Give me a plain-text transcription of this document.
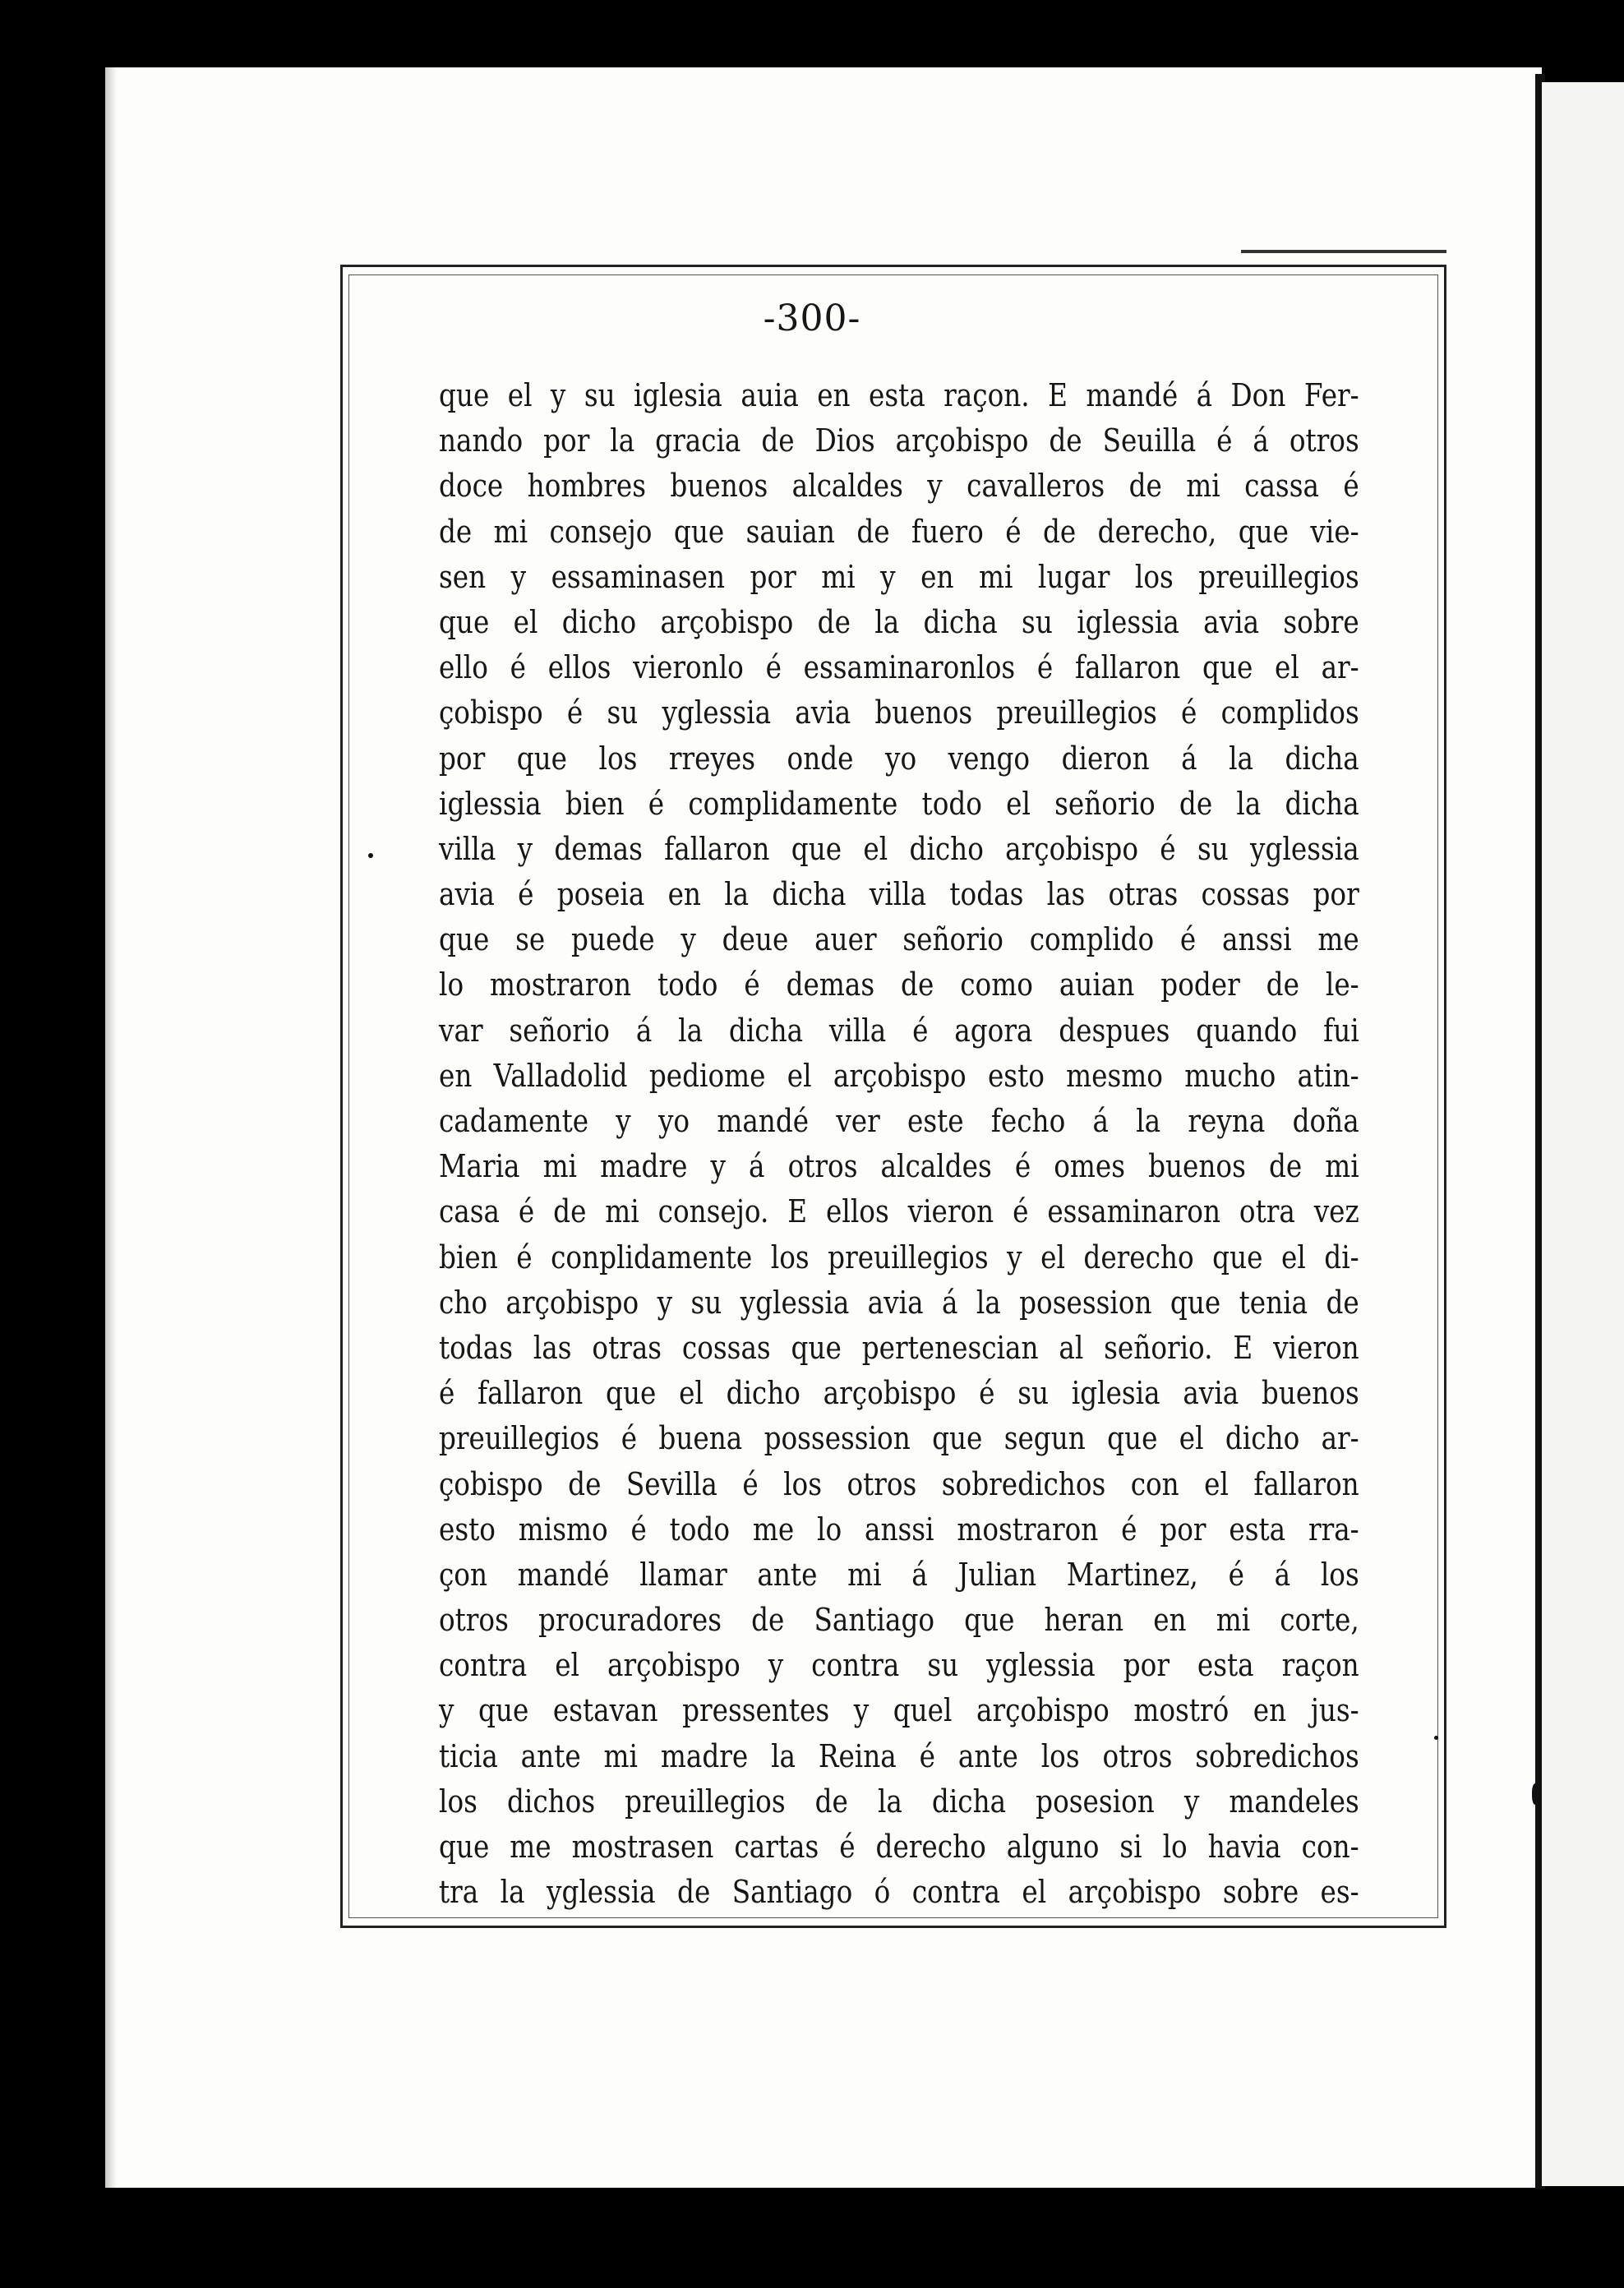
-300-
que el y su iglesia auia en esta raçon. E mandé á Don Fer-
nando por la gracia de Dios arçobispo de Seuilla é á otros
doce hombres buenos alcaldes y cavalleros de mi cassa é
de mi consejo que sauian de fuero é de derecho, que vie-
sen y essaminasen por mi y en mi lugar los preuillegios
que el dicho arçobispo de la dicha su iglessia avia sobre
ello é ellos vieronlo é essaminaronlos é fallaron que el ar-
çobispo é su yglessia avia buenos preuillegios é complidos
por que los rreyes onde yo vengo dieron á la dicha
iglessia bien é complidamente todo el señorio de la dicha
villa y demas fallaron que el dicho arçobispo é su yglessia
avia é poseia en la dicha villa todas las otras cossas por
que se puede y deue auer señorio complido é anssi me
lo mostraron todo é demas de como auian poder de le-
var señorio á la dicha villa é agora despues quando fui
en Valladolid pediome el arçobispo esto mesmo mucho atin-
cadamente y yo mandé ver este fecho á la reyna doña
Maria mi madre y á otros alcaldes é omes buenos de mi
casa é de mi consejo. E ellos vieron é essaminaron otra vez
bien é conplidamente los preuillegios y el derecho que el di-
cho arçobispo y su yglessia avia á la posession que tenia de
todas las otras cossas que pertenescian al señorio. E vieron
é fallaron que el dicho arçobispo é su iglesia avia buenos
preuillegios é buena possession que segun que el dicho ar-
çobispo de Sevilla é los otros sobredichos con el fallaron
esto mismo é todo me lo anssi mostraron é por esta rra-
çon mandé llamar ante mi á Julian Martinez, é á los
otros procuradores de Santiago que heran en mi corte,
contra el arçobispo y contra su yglessia por esta raçon
y que estavan pressentes y quel arçobispo mostró en jus-
ticia ante mi madre la Reina é ante los otros sobredichos
los dichos preuillegios de la dicha posesion y mandeles
que me mostrasen cartas é derecho alguno si lo havia con-
tra la yglessia de Santiago ó contra el arçobispo sobre es-
